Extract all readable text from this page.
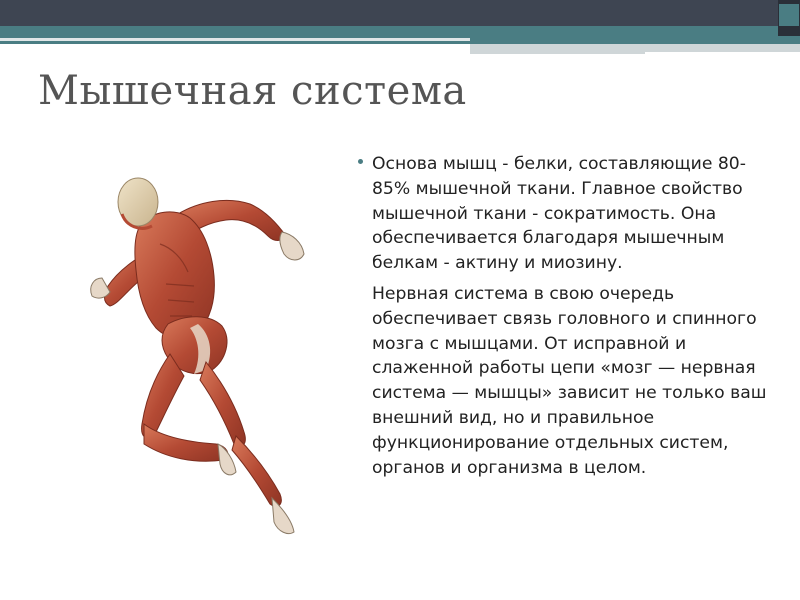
Мышечная система

Основа мышц - белки, составляющие 80-85% мышечной ткани. Главное свойство мышечной ткани - сократимость. Она обеспечивается благодаря мышечным белкам - актину и миозину.

Нервная система в свою очередь обеспечивает связь головного и спинного мозга с мышцами. От исправной и слаженной работы цепи «мозг — нервная система — мышцы» зависит не только ваш внешний вид, но и правильное функционирование отдельных систем, органов и организма в целом.
